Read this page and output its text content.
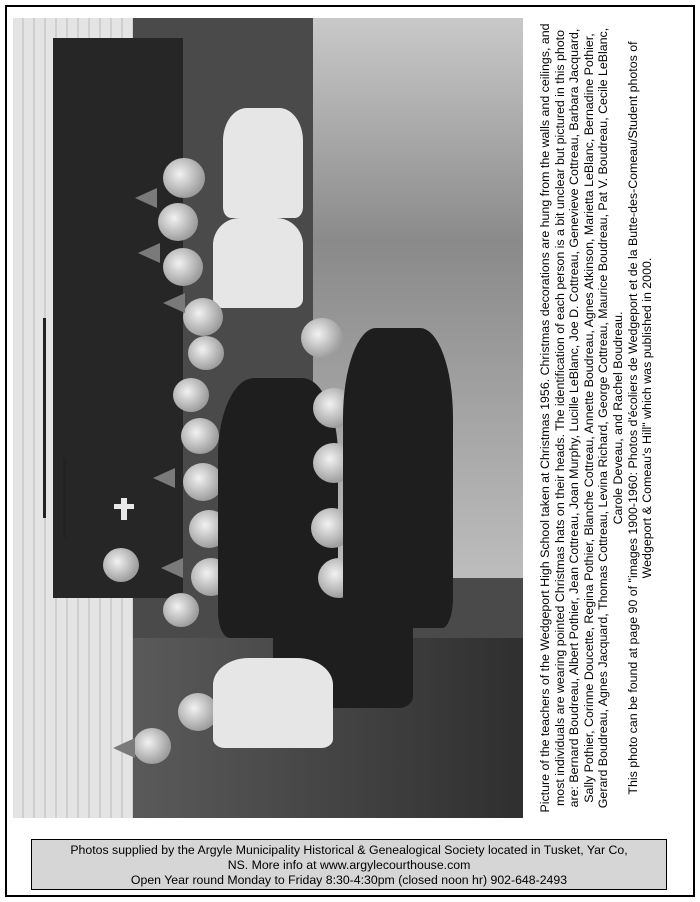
Picture of the teachers of the Wedgeport High School taken at Christmas 1956. Christmas decorations are hung from the walls and ceilings, and most individuals are wearing pointed Christmas hats on their heads. The identification of each person is a bit unclear but pictured in this photo are: Bernard Boudreau, Albert Pothier, Jean Cottreau, Joan Murphy, Lucille LeBlanc, Joe D. Cottreau, Genevieve Cottreau, Barbara Jacquard, Sally Pothier, Corinne Doucette, Regina Pothier, Blanche Cottreau, Annette Boudreau, Agnes Atkinson, Marietta LeBlanc, Bernadine Pothier, Gerard Boudreau, Agnes Jacquard, Thomas Cottreau, Levina Richard, George Cottreau, Maurice Boudreau, Pat V. Boudreau, Cecile LeBlanc, Carole Deveau, and Rachel Boudreau. This photo can be found at page 90 of "images 1900-1960: Photos d'écoliers de Wedgeport et de la Butte-des-Comeau/Student photos of Wedgeport & Comeau's Hill" which was published in 2000.

Photos supplied by the Argyle Municipality Historical & Genealogical Society located in Tusket, Yar Co,
NS. More info at www.argylecourthouse.com
Open Year round Monday to Friday 8:30-4:30pm (closed noon hr) 902-648-2493
